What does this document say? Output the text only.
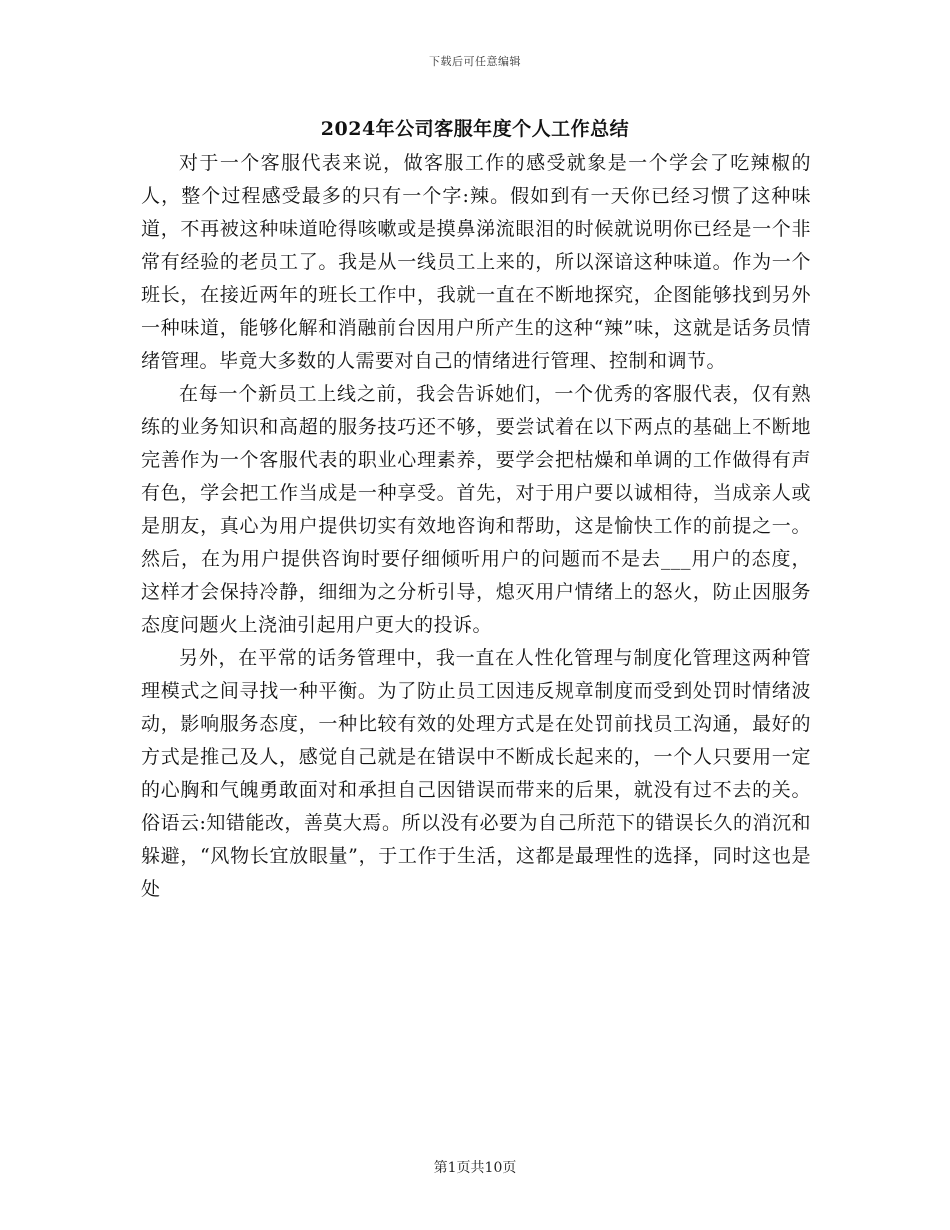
下载后可任意编辑
2024年公司客服年度个人工作总结

对于一个客服代表来说，做客服工作的感受就象是一个学会了吃辣椒的人，整个过程感受最多的只有一个字:辣。假如到有一天你已经习惯了这种味道，不再被这种味道呛得咳嗽或是摸鼻涕流眼泪的时候就说明你已经是一个非常有经验的老员工了。我是从一线员工上来的，所以深谙这种味道。作为一个班长，在接近两年的班长工作中，我就一直在不断地探究，企图能够找到另外一种味道，能够化解和消融前台因用户所产生的这种“辣”味，这就是话务员情绪管理。毕竟大多数的人需要对自己的情绪进行管理、控制和调节。

在每一个新员工上线之前，我会告诉她们，一个优秀的客服代表，仅有熟练的业务知识和高超的服务技巧还不够，要尝试着在以下两点的基础上不断地完善作为一个客服代表的职业心理素养，要学会把枯燥和单调的工作做得有声有色，学会把工作当成是一种享受。首先，对于用户要以诚相待，当成亲人或是朋友，真心为用户提供切实有效地咨询和帮助，这是愉快工作的前提之一。然后，在为用户提供咨询时要仔细倾听用户的问题而不是去___用户的态度，这样才会保持冷静，细细为之分析引导，熄灭用户情绪上的怒火，防止因服务态度问题火上浇油引起用户更大的投诉。

另外，在平常的话务管理中，我一直在人性化管理与制度化管理这两种管理模式之间寻找一种平衡。为了防止员工因违反规章制度而受到处罚时情绪波动，影响服务态度，一种比较有效的处理方式是在处罚前找员工沟通，最好的方式是推己及人，感觉自己就是在错误中不断成长起来的，一个人只要用一定的心胸和气魄勇敢面对和承担自己因错误而带来的后果，就没有过不去的关。俗语云:知错能改，善莫大焉。所以没有必要为自己所范下的错误长久的消沉和躲避，“风物长宜放眼量”，于工作于生活，这都是最理性的选择，同时这也是处

第1页共10页
